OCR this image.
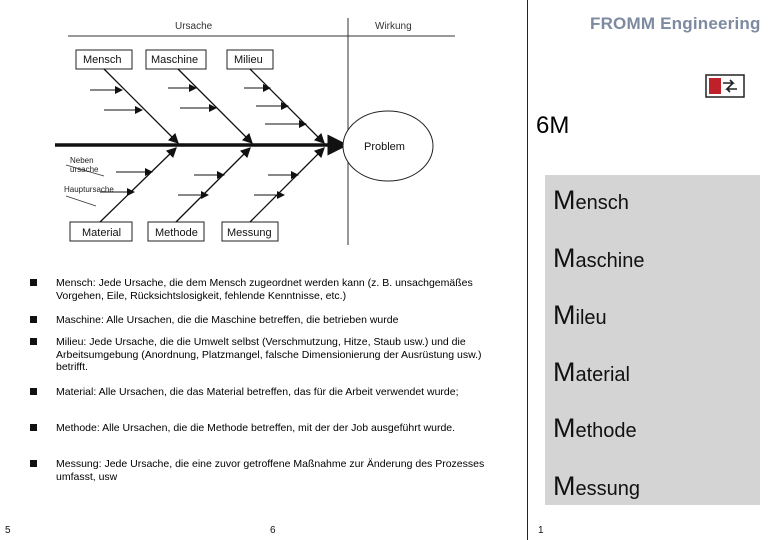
Ursache	Wirkung
Mensch	Maschine	Milieu
Material	Methode	Messung
Neben
ursache
Hauptursache
Problem
FROMM Engineering
6M
Mensch
Maschine
Mileu
Material
Methode
Messung
Mensch: Jede Ursache, die dem Mensch zugeordnet werden kann (z. B. unsachgemäßes Vorgehen, Eile, Rücksichtslosigkeit, fehlende Kenntnisse, etc.)
Maschine: Alle Ursachen, die die Maschine betreffen, die betrieben wurde
Milieu: Jede Ursache, die die Umwelt selbst (Verschmutzung, Hitze, Staub usw.) und die Arbeitsumgebung (Anordnung, Platzmangel, falsche Dimensionierung der Ausrüstung usw.) betrifft.
Material: Alle Ursachen, die das Material betreffen, das für die Arbeit verwendet wurde;
Methode: Alle Ursachen, die die Methode betreffen, mit der der Job ausgeführt wurde.
Messung: Jede Ursache, die eine zuvor getroffene Maßnahme zur Änderung des Prozesses umfasst, usw
5	6	1
